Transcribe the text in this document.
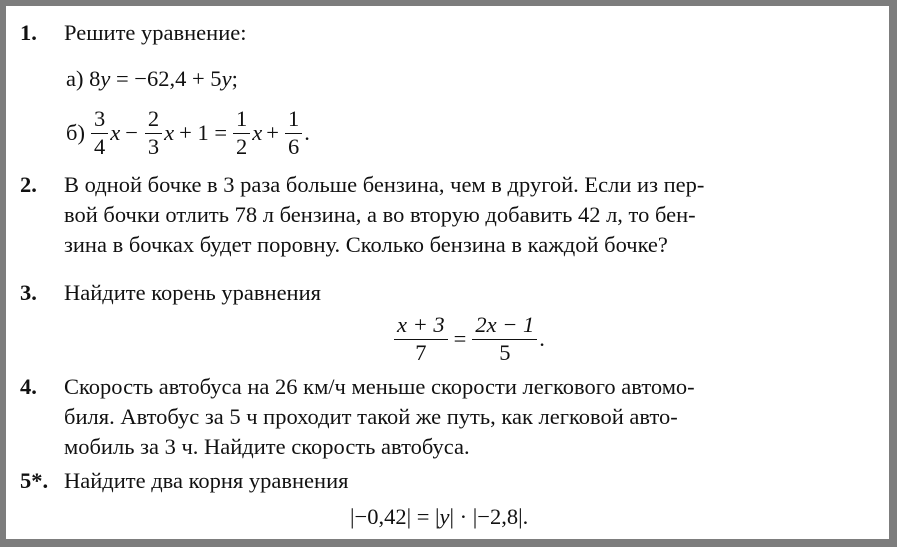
1. Решите уравнение:
а) 8y = −62,4 + 5y;
$б) \frac{3}{4}$ $x - \frac{2}{3}$ $x + 1 = \frac{1}{2}$ $x + \frac{1}{6}$ .
2. В одной бочке в 3 раза больше бензина, чем в другой. Если из пер-
вой бочки отлить 78 л бензина, а во вторую добавить 42 л, то бен-
зина в бочках будет поровну. Сколько бензина в каждой бочке?
3. Найдите корень уравнения
$\frac{x + 3}{7} = \frac{2x - 1}{5}$ .
4. Скорость автобуса на 26 км/ч меньше скорости легкового автомо-
биля. Автобус за 5 ч проходит такой же путь, как легковой авто-
мобиль за 3 ч. Найдите скорость автобуса.
5*. Найдите два корня уравнения
|−0,42| = |y| · |−2,8|.
